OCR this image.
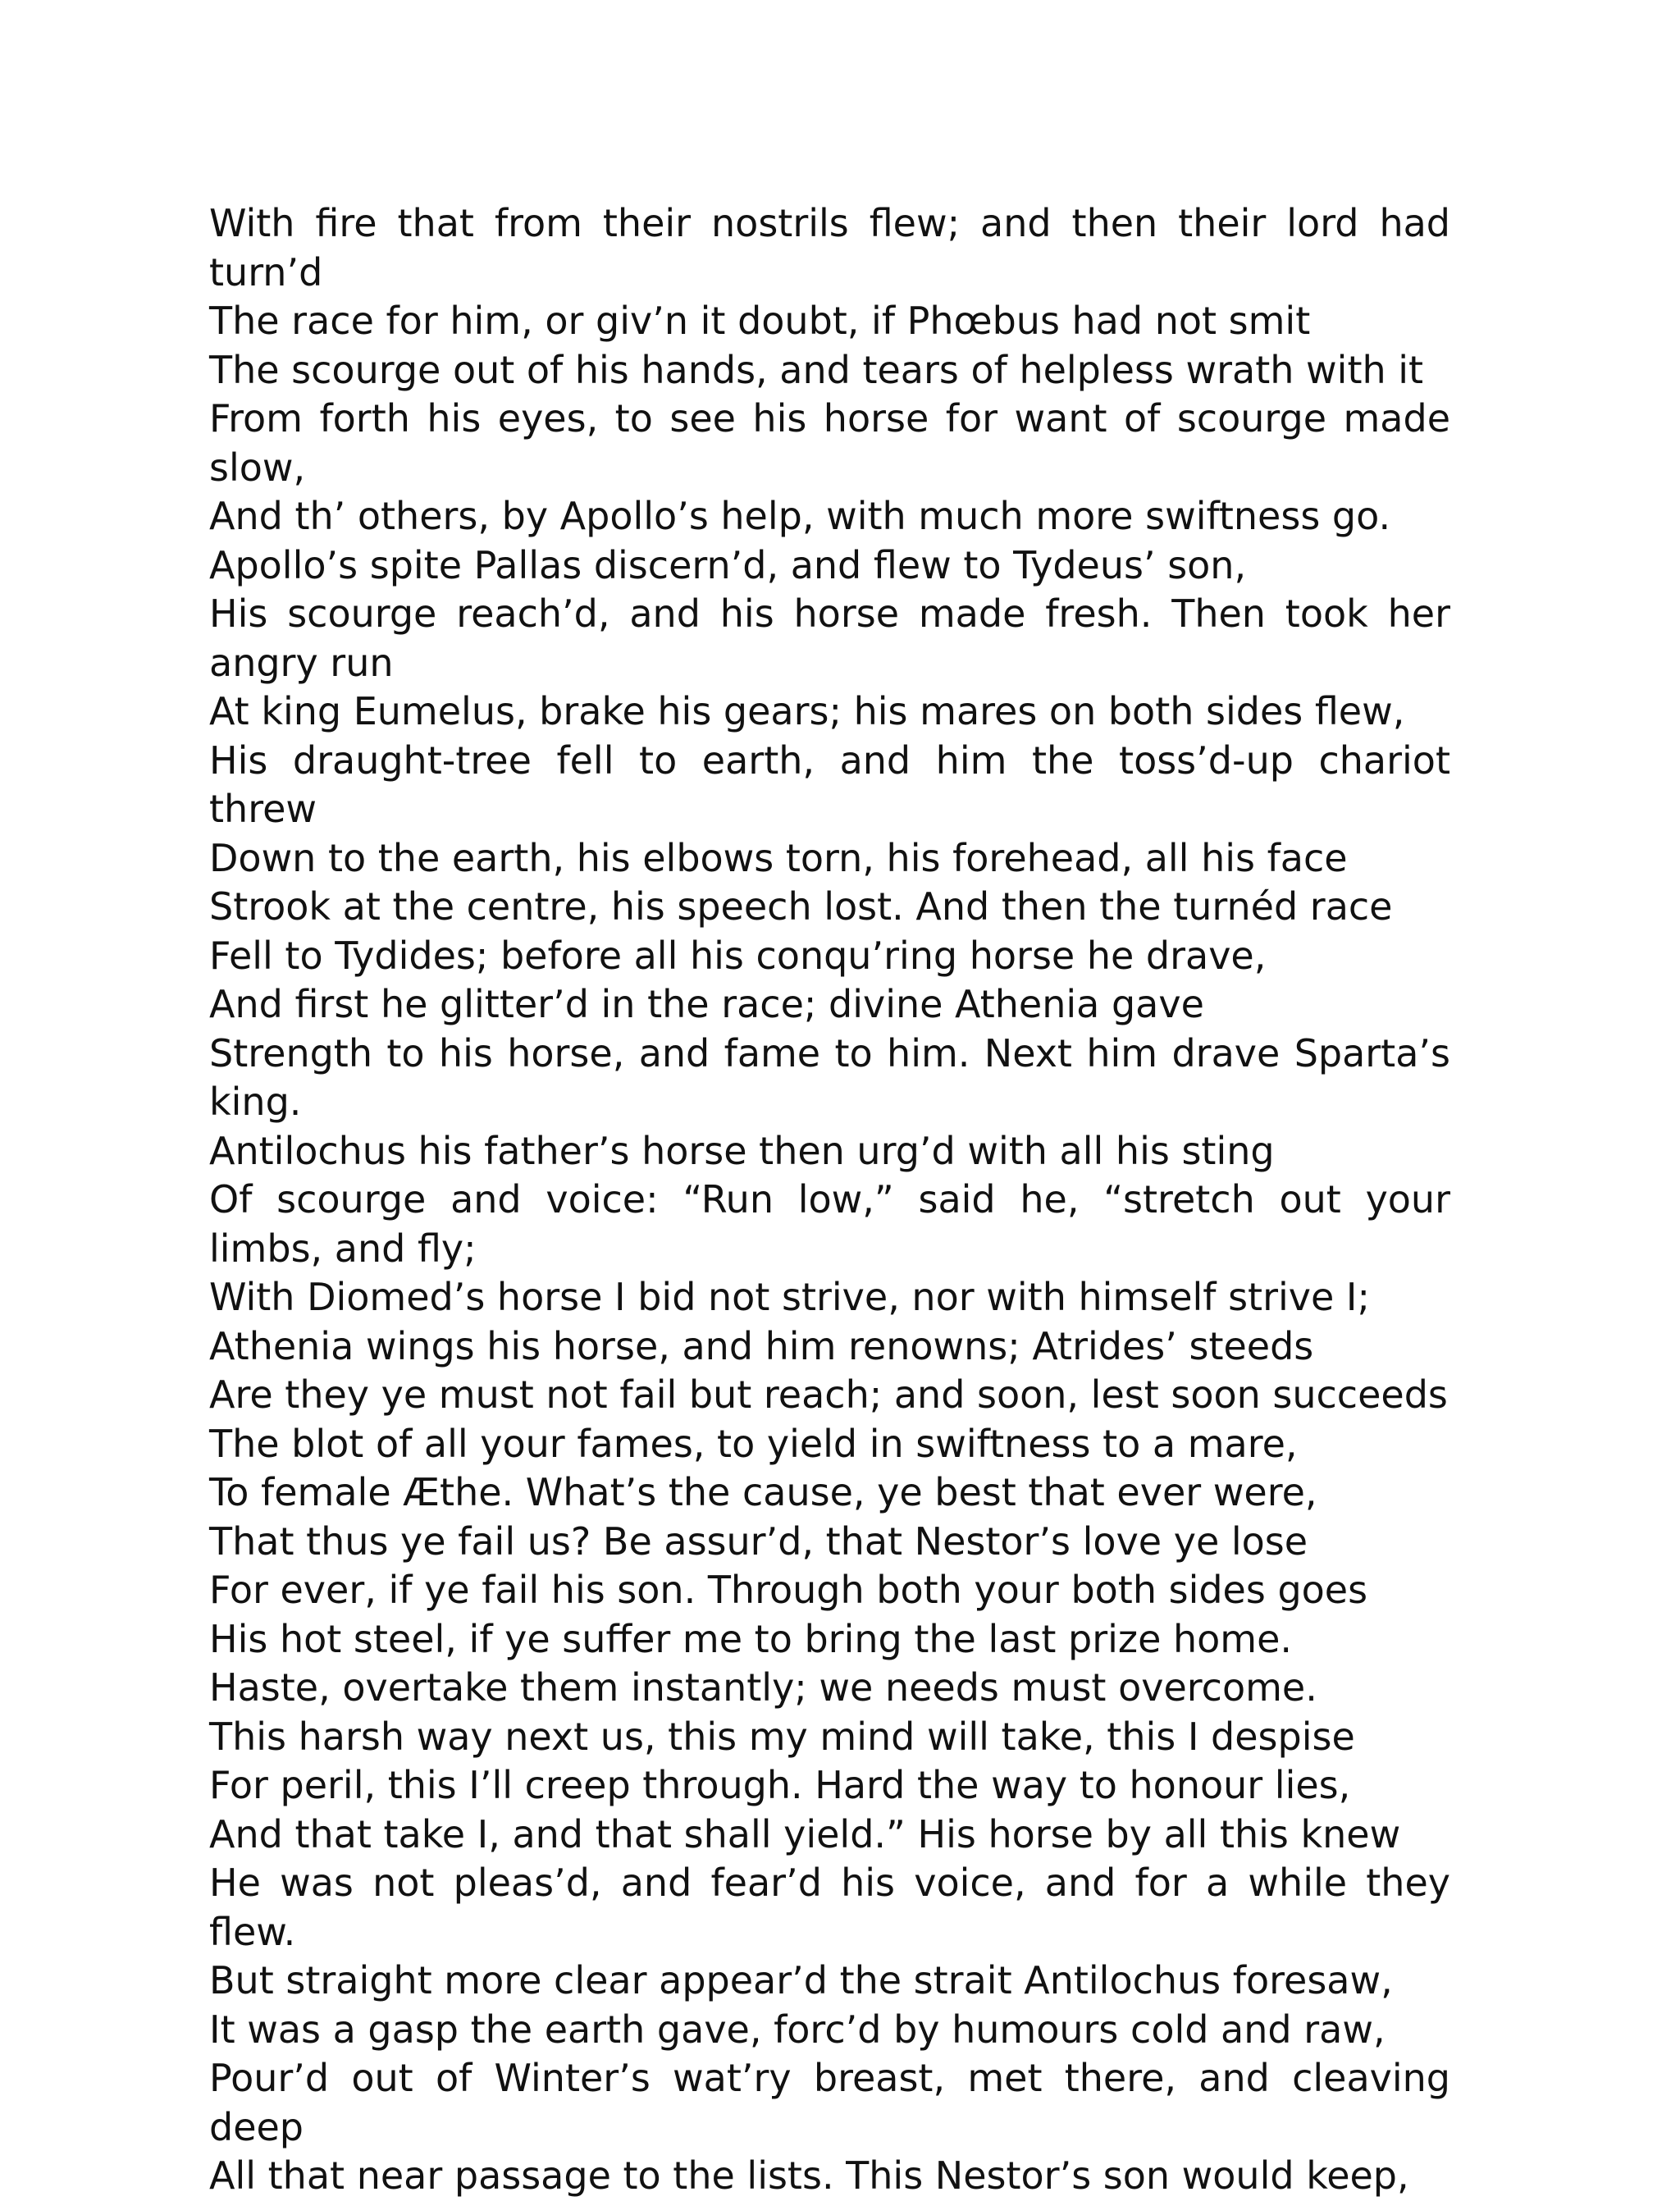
With fire that from their nostrils flew; and then their lord had turn’d
The race for him, or giv’n it doubt, if Phœbus had not smit
The scourge out of his hands, and tears of helpless wrath with it
From forth his eyes, to see his horse for want of scourge made slow,
And th’ others, by Apollo’s help, with much more swiftness go.
Apollo’s spite Pallas discern’d, and flew to Tydeus’ son,
His scourge reach’d, and his horse made fresh. Then took her angry run
At king Eumelus, brake his gears; his mares on both sides flew,
His draught-tree fell to earth, and him the toss’d-up chariot threw
Down to the earth, his elbows torn, his forehead, all his face
Strook at the centre, his speech lost. And then the turnéd race
Fell to Tydides; before all his conqu’ring horse he drave,
And first he glitter’d in the race; divine Athenia gave
Strength to his horse, and fame to him. Next him drave Sparta’s king.
Antilochus his father’s horse then urg’d with all his sting
Of scourge and voice: “Run low,” said he, “stretch out your limbs, and fly;
With Diomed’s horse I bid not strive, nor with himself strive I;
Athenia wings his horse, and him renowns; Atrides’ steeds
Are they ye must not fail but reach; and soon, lest soon succeeds
The blot of all your fames, to yield in swiftness to a mare,
To female Æthe. What’s the cause, ye best that ever were,
That thus ye fail us? Be assur’d, that Nestor’s love ye lose
For ever, if ye fail his son. Through both your both sides goes
His hot steel, if ye suffer me to bring the last prize home.
Haste, overtake them instantly; we needs must overcome.
This harsh way next us, this my mind will take, this I despise
For peril, this I’ll creep through. Hard the way to honour lies,
And that take I, and that shall yield.” His horse by all this knew
He was not pleas’d, and fear’d his voice, and for a while they flew.
But straight more clear appear’d the strait Antilochus foresaw,
It was a gasp the earth gave, forc’d by humours cold and raw,
Pour’d out of Winter’s wat’ry breast, met there, and cleaving deep
All that near passage to the lists. This Nestor’s son would keep,
